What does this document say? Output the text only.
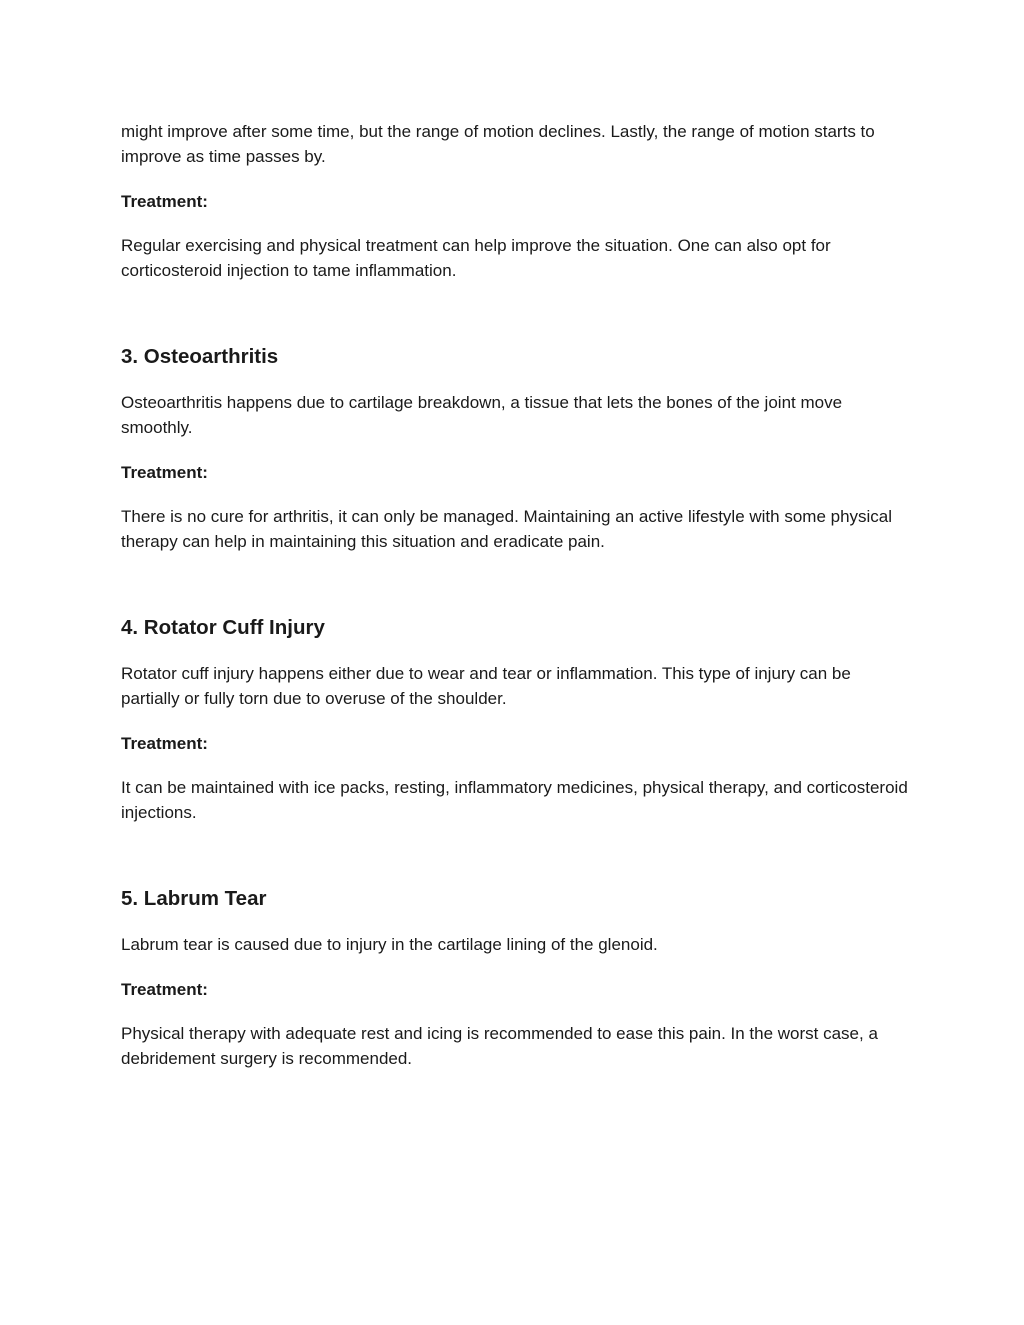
might improve after some time, but the range of motion declines. Lastly, the range of motion starts to improve as time passes by.

Treatment:

Regular exercising and physical treatment can help improve the situation. One can also opt for corticosteroid injection to tame inflammation.

3. Osteoarthritis

Osteoarthritis happens due to cartilage breakdown, a tissue that lets the bones of the joint move smoothly.

Treatment:

There is no cure for arthritis, it can only be managed. Maintaining an active lifestyle with some physical therapy can help in maintaining this situation and eradicate pain.

4. Rotator Cuff Injury

Rotator cuff injury happens either due to wear and tear or inflammation. This type of injury can be partially or fully torn due to overuse of the shoulder.

Treatment:

It can be maintained with ice packs, resting, inflammatory medicines, physical therapy, and corticosteroid injections.

5. Labrum Tear

Labrum tear is caused due to injury in the cartilage lining of the glenoid.

Treatment:

Physical therapy with adequate rest and icing is recommended to ease this pain. In the worst case, a debridement surgery is recommended.
